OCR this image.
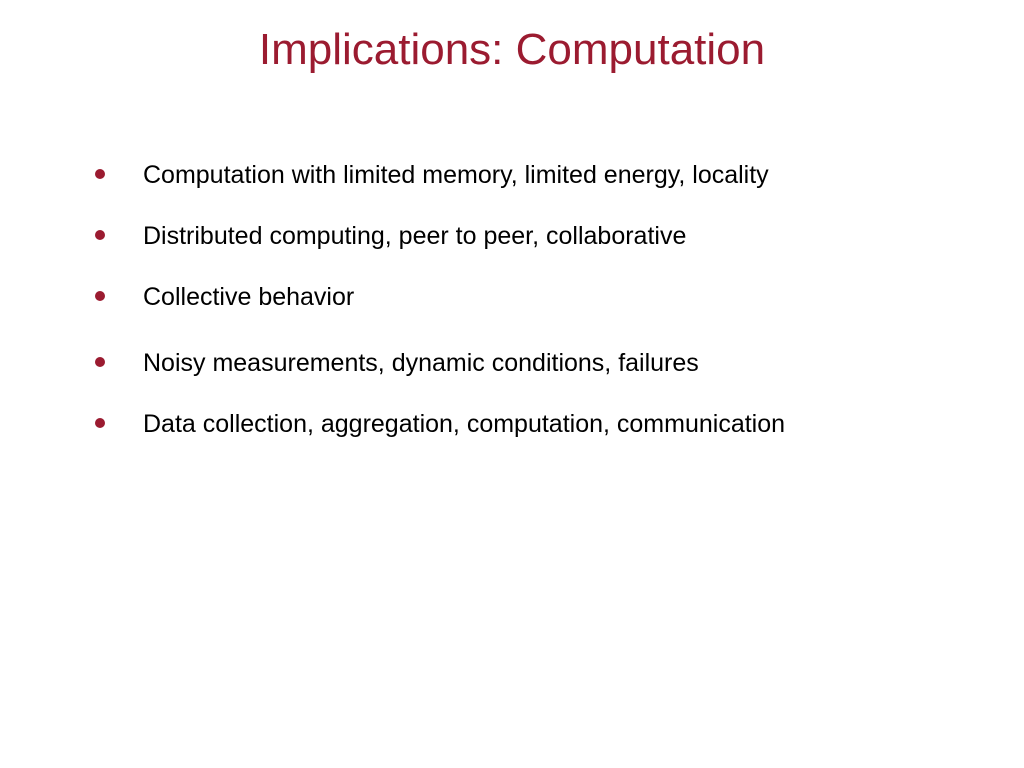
Implications: Computation
Computation with limited memory, limited energy, locality
Distributed computing, peer to peer, collaborative
Collective behavior
Noisy measurements, dynamic conditions, failures
Data collection, aggregation, computation, communication
